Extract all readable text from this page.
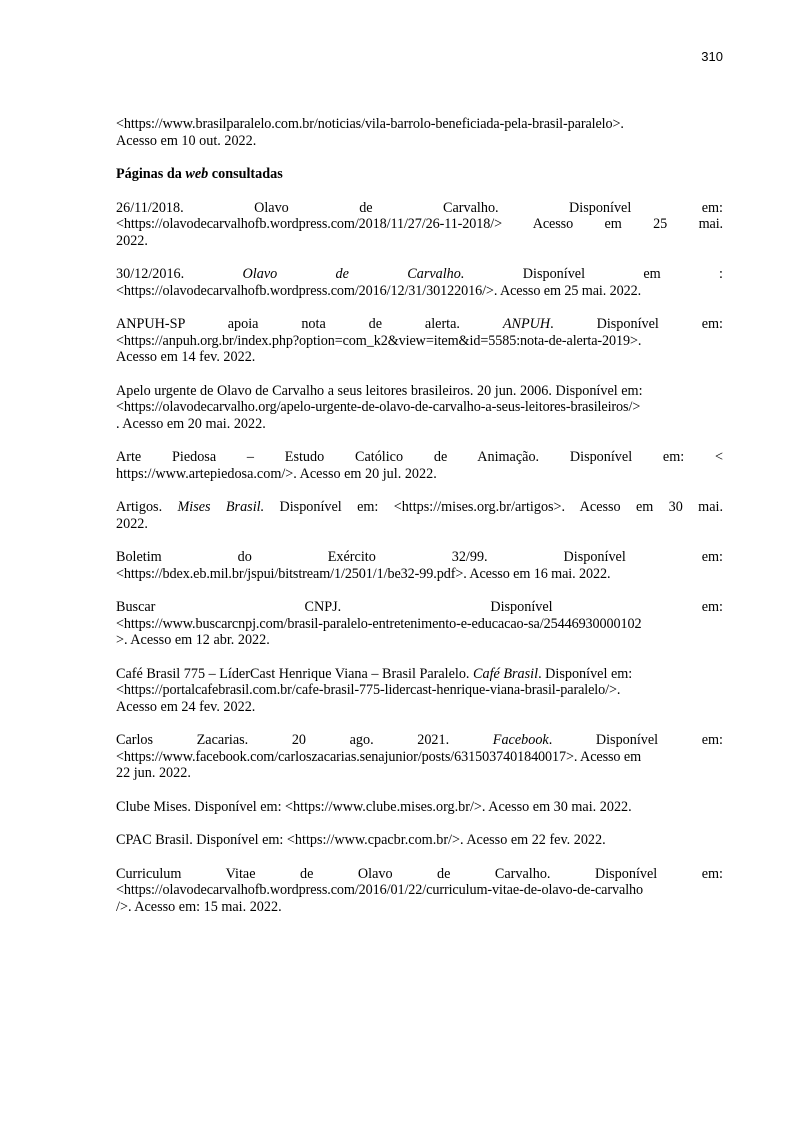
310
<https://www.brasilparalelo.com.br/noticias/vila-barrolo-beneficiada-pela-brasil-paralelo>.
Acesso em 10 out. 2022.
Páginas da web consultadas
26/11/2018. Olavo de Carvalho. Disponível em:
<https://olavodecarvalhofb.wordpress.com/2018/11/27/26-11-2018/> Acesso em 25 mai.
2022.
30/12/2016.	Olavo de Carvalho.	Disponível em :
<https://olavodecarvalhofb.wordpress.com/2016/12/31/30122016/>. Acesso em 25 mai. 2022.
ANPUH-SP apoia nota de alerta.	ANPUH. Disponível em:
<https://anpuh.org.br/index.php?option=com_k2&view=item&id=5585:nota-de-alerta-2019>.
Acesso em 14 fev. 2022.
Apelo urgente de Olavo de Carvalho a seus leitores brasileiros. 20 jun. 2006. Disponível em:
<https://olavodecarvalho.org/apelo-urgente-de-olavo-de-carvalho-a-seus-leitores-brasileiros/>
. Acesso em 20 mai. 2022.
Arte Piedosa – Estudo Católico de Animação. Disponível em: <
https://www.artepiedosa.com/>. Acesso em 20 jul. 2022.
Artigos. Mises Brasil. Disponível em: <https://mises.org.br/artigos>. Acesso em 30 mai.
2022.
Boletim do Exército 32/99. Disponível em:
<https://bdex.eb.mil.br/jspui/bitstream/1/2501/1/be32-99.pdf>. Acesso em 16 mai. 2022.
Buscar CNPJ. Disponível em:
<https://www.buscarcnpj.com/brasil-paralelo-entretenimento-e-educacao-sa/25446930000102
>. Acesso em 12 abr. 2022.
Café Brasil 775 – LíderCast Henrique Viana – Brasil Paralelo. Café Brasil. Disponível em:
<https://portalcafebrasil.com.br/cafe-brasil-775-lidercast-henrique-viana-brasil-paralelo/>.
Acesso em 24 fev. 2022.
Carlos Zacarias. 20 ago. 2021.	Facebook. Disponível em:
<https://www.facebook.com/carloszacarias.senajunior/posts/6315037401840017>. Acesso em
22 jun. 2022.
Clube Mises. Disponível em: <https://www.clube.mises.org.br/>. Acesso em 30 mai. 2022.
CPAC Brasil. Disponível em: <https://www.cpacbr.com.br/>. Acesso em 22 fev. 2022.
Curriculum Vitae de Olavo de Carvalho. Disponível em:
<https://olavodecarvalhofb.wordpress.com/2016/01/22/curriculum-vitae-de-olavo-de-carvalho
/>. Acesso em: 15 mai. 2022.
